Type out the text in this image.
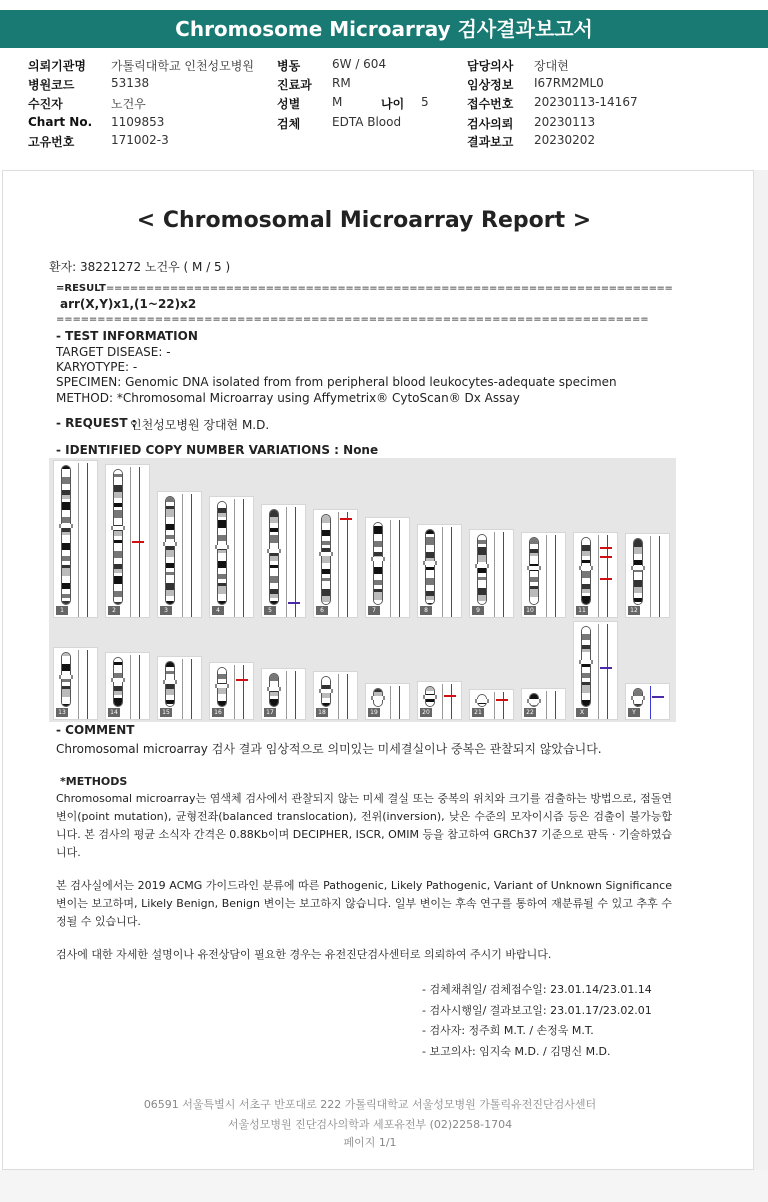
Chromosome Microarray 검사결과보고서
의뢰기관명 가톨릭대학교 인천성모병원
병원코드	53138
수진자	노건우
Chart No. 1109853
고유번호	171002-3
병동	6W / 604
진료과 RM
성별	M
검체	EDTA Blood
담당의사 장대현
임상정보 I67RM2ML0
접수번호 20230113-14167
검사의뢰 20230113
결과보고 20230202
나이 5
< Chromosomal Microarray Report >
환자: 38221272 노건우 ( M / 5 )
=RESULT =======================================================================
arr(X,Y)x1,(1~22)x2
========================================================================
- TEST INFORMATION
TARGET DISEASE: -
KARYOTYPE: -
SPECIMEN: Genomic DNA isolated from from peripheral blood leukocytes-adequate specimen
METHOD: *Chromosomal Microarray using Affymetrix® CytoScan® Dx Assay
- REQUEST :
인천성모병원 장대현 M.D.
- IDENTIFIED COPY NUMBER VARIATIONS : None
1	2	3	4	5	6	7	8	9	10	11	12
13	14	15	16	17	18	19	20	21	22	X	Y
- COMMENT
Chromosomal microarray 검사 결과 임상적으로 의미있는 미세결실이나 중복은 관찰되지 않았습니다.
*METHODS
Chromosomal microarray는 염색체 검사에서 관찰되지 않는 미세 결실 또는 중복의 위치와 크기를 검출하는 방법으로, 점돌연변이(point mutation), 균형전좌(balanced translocation), 전위(inversion), 낮은 수준의 모자이시즘 등은 검출이 불가능합니다. 본 검사의 평균 소식자 간격은 0.88Kb이며 DECIPHER, ISCR, OMIM 등을 참고하여 GRCh37 기준으로 판독 · 기술하였습니다.
본 검사실에서는 2019 ACMG 가이드라인 분류에 따른 Pathogenic, Likely Pathogenic, Variant of Unknown Significance 변이는 보고하며, Likely Benign, Benign 변이는 보고하지 않습니다. 일부 변이는 후속 연구를 통하여 재분류될 수 있고 추후 수정될 수 있습니다.
검사에 대한 자세한 설명이나 유전상담이 필요한 경우는 유전진단검사센터로 의뢰하여 주시기 바랍니다.
- 검체채취일/ 검체접수일: 23.01.14/23.01.14
- 검사시행일/ 결과보고일: 23.01.17/23.02.01
- 검사자: 정주희 M.T. / 손정욱 M.T.
- 보고의사: 임지숙 M.D. / 김명신 M.D.
06591 서울특별시 서초구 반포대로 222 가톨릭대학교 서울성모병원 가톨릭유전진단검사센터
서울성모병원 진단검사의학과 세포유전부 (02)2258-1704
페이지 1/1
